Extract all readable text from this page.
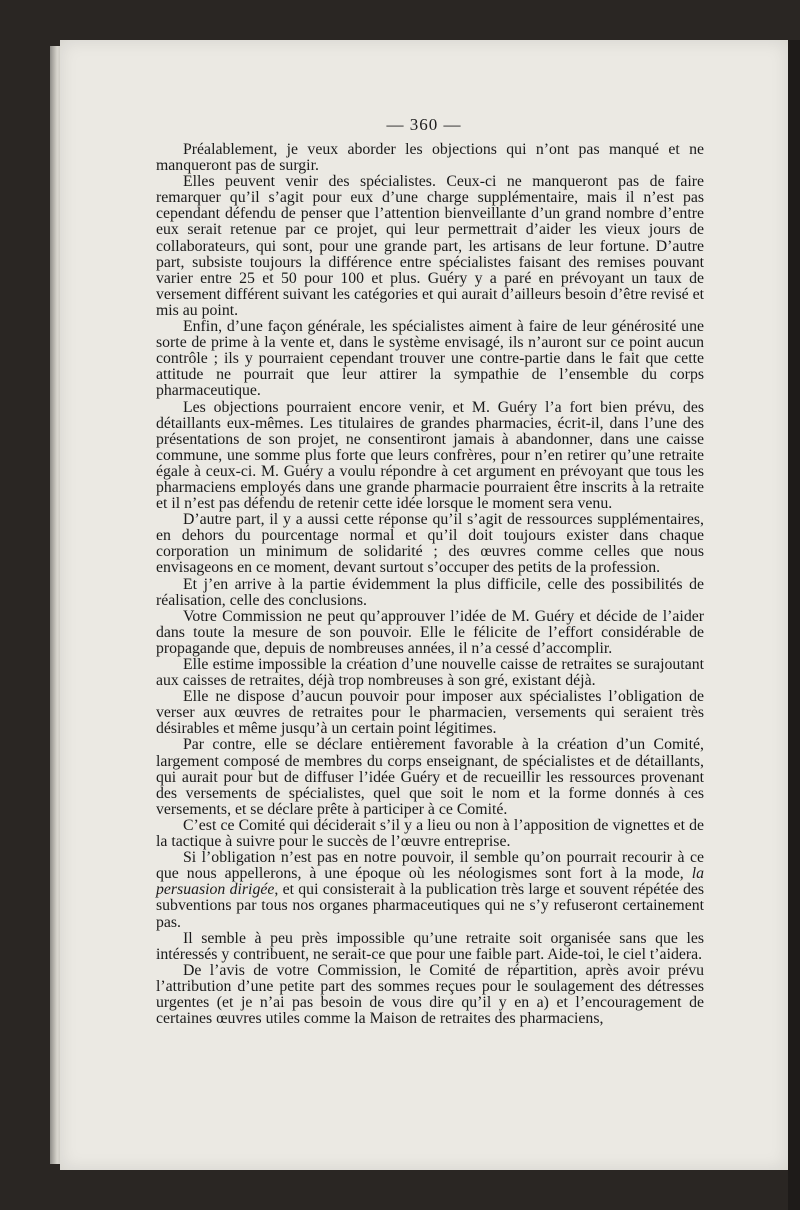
— 360 —

Préalablement, je veux aborder les objections qui n’ont pas manqué et ne manqueront pas de surgir.

Elles peuvent venir des spécialistes. Ceux-ci ne manqueront pas de faire remarquer qu’il s’agit pour eux d’une charge supplémentaire, mais il n’est pas cependant défendu de penser que l’attention bienveillante d’un grand nombre d’entre eux serait retenue par ce projet, qui leur permettrait d’aider les vieux jours de collaborateurs, qui sont, pour une grande part, les artisans de leur fortune. D’autre part, subsiste toujours la différence entre spécialistes faisant des remises pouvant varier entre 25 et 50 pour 100 et plus. Guéry y a paré en prévoyant un taux de versement différent suivant les catégories et qui aurait d’ailleurs besoin d’être revisé et mis au point.

Enfin, d’une façon générale, les spécialistes aiment à faire de leur générosité une sorte de prime à la vente et, dans le système envisagé, ils n’auront sur ce point aucun contrôle ; ils y pourraient cependant trouver une contre-partie dans le fait que cette attitude ne pourrait que leur attirer la sympathie de l’ensemble du corps pharmaceutique.

Les objections pourraient encore venir, et M. Guéry l’a fort bien prévu, des détaillants eux-mêmes. Les titulaires de grandes pharmacies, écrit-il, dans l’une des présentations de son projet, ne consentiront jamais à abandonner, dans une caisse commune, une somme plus forte que leurs confrères, pour n’en retirer qu’une retraite égale à ceux-ci. M. Guéry a voulu répondre à cet argument en prévoyant que tous les pharmaciens employés dans une grande pharmacie pourraient être inscrits à la retraite et il n’est pas défendu de retenir cette idée lorsque le moment sera venu.

D’autre part, il y a aussi cette réponse qu’il s’agit de ressources supplémentaires, en dehors du pourcentage normal et qu’il doit toujours exister dans chaque corporation un minimum de solidarité ; des œuvres comme celles que nous envisageons en ce moment, devant surtout s’occuper des petits de la profession.

Et j’en arrive à la partie évidemment la plus difficile, celle des possibilités de réalisation, celle des conclusions.

Votre Commission ne peut qu’approuver l’idée de M. Guéry et décide de l’aider dans toute la mesure de son pouvoir. Elle le félicite de l’effort considérable de propagande que, depuis de nombreuses années, il n’a cessé d’accomplir.

Elle estime impossible la création d’une nouvelle caisse de retraites se surajoutant aux caisses de retraites, déjà trop nombreuses à son gré, existant déjà.

Elle ne dispose d’aucun pouvoir pour imposer aux spécialistes l’obligation de verser aux œuvres de retraites pour le pharmacien, versements qui seraient très désirables et même jusqu’à un certain point légitimes.

Par contre, elle se déclare entièrement favorable à la création d’un Comité, largement composé de membres du corps enseignant, de spécialistes et de détaillants, qui aurait pour but de diffuser l’idée Guéry et de recueillir les ressources provenant des versements de spécialistes, quel que soit le nom et la forme donnés à ces versements, et se déclare prête à participer à ce Comité.

C’est ce Comité qui déciderait s’il y a lieu ou non à l’apposition de vignettes et de la tactique à suivre pour le succès de l’œuvre entreprise.

Si l’obligation n’est pas en notre pouvoir, il semble qu’on pourrait recourir à ce que nous appellerons, à une époque où les néologismes sont fort à la mode, la persuasion dirigée, et qui consisterait à la publication très large et souvent répétée des subventions par tous nos organes pharmaceutiques qui ne s’y refuseront certainement pas.

Il semble à peu près impossible qu’une retraite soit organisée sans que les intéressés y contribuent, ne serait-ce que pour une faible part. Aide-toi, le ciel t’aidera.

De l’avis de votre Commission, le Comité de répartition, après avoir prévu l’attribution d’une petite part des sommes reçues pour le soulagement des détresses urgentes (et je n’ai pas besoin de vous dire qu’il y en a) et l’encouragement de certaines œuvres utiles comme la Maison de retraites des pharmaciens,
